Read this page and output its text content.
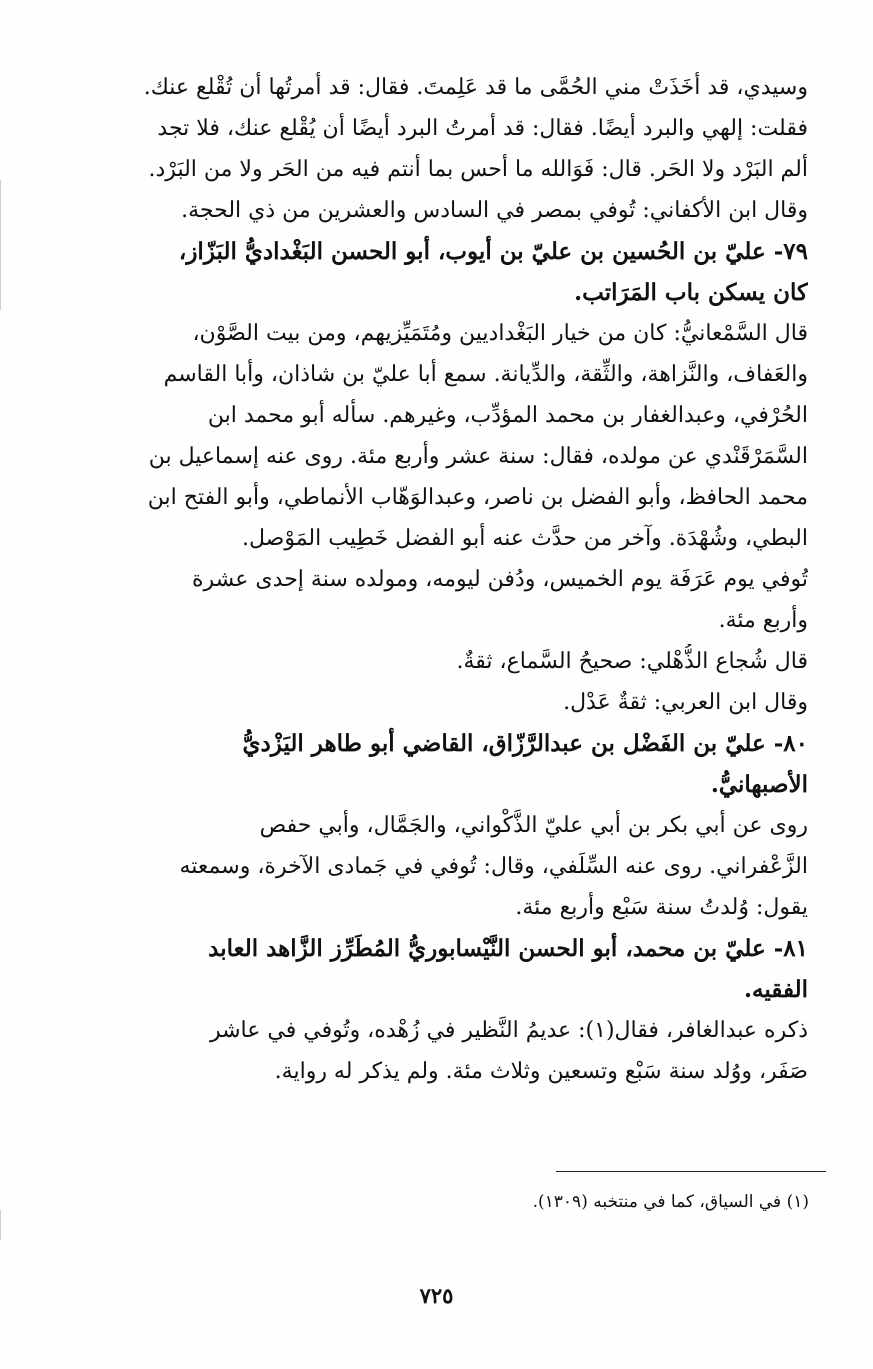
وسيدي، قد أخَذَتْ مني الحُمَّى ما قد عَلِمتَ. فقال: قد أمرتُها أن تُقْلع عنك.
فقلت: إلهي والبرد أيضًا. فقال: قد أمرتُ البرد أيضًا أن يُقْلع عنك، فلا تجد
ألم البَرْد ولا الحَر. قال: فَوَالله ما أحس بما أنتم فيه من الحَر ولا من البَرْد.
وقال ابن الأكفاني: تُوفي بمصر في السادس والعشرين من ذي الحجة.
٧٩- عليّ بن الحُسين بن عليّ بن أيوب، أبو الحسن البَغْداديُّ البَزّاز،
كان يسكن باب المَرَاتب.
قال السَّمْعانيُّ: كان من خيار البَغْداديين ومُتَمَيِّزيهم، ومن بيت الصَّوْن،
والعَفاف، والنَّزاهة، والثِّقة، والدِّيانة. سمع أبا عليّ بن شاذان، وأبا القاسم
الحُرْفي، وعبدالغفار بن محمد المؤدِّب، وغيرهم. سأله أبو محمد ابن
السَّمَرْقَنْدي عن مولده، فقال: سنة عشر وأربع مئة. روى عنه إسماعيل بن
محمد الحافظ، وأبو الفضل بن ناصر، وعبدالوَهّاب الأنماطي، وأبو الفتح ابن
البطي، وشُهْدَة. وآخر من حدَّث عنه أبو الفضل خَطِيب المَوْصل.
تُوفي يوم عَرَفَة يوم الخميس، ودُفن ليومه، ومولده سنة إحدى عشرة
وأربع مئة.
قال شُجاع الذُّهْلي: صحيحُ السَّماع، ثقةٌ.
وقال ابن العربي: ثقةٌ عَدْل.
٨٠- عليّ بن الفَضْل بن عبدالرَّزّاق، القاضي أبو طاهر اليَزْديُّ
الأصبهانيُّ.
روى عن أبي بكر بن أبي عليّ الذَّكْواني، والجَمَّال، وأبي حفص
الزَّعْفراني. روى عنه السِّلَفي، وقال: تُوفي في جَمادى الآخرة، وسمعته
يقول: وُلدتُ سنة سَبْع وأربع مئة.
٨١- عليّ بن محمد، أبو الحسن النَّيْسابوريُّ المُطَرِّز الزَّاهد العابد
الفقيه.
ذكره عبدالغافر، فقال(١): عديمُ النَّظير في زُهْده، وتُوفي في عاشر
صَفَر، ووُلد سنة سَبْع وتسعين وثلاث مئة. ولم يذكر له رواية.
(١) في السياق، كما في منتخبه (١٣٠٩).
٧٢٥
